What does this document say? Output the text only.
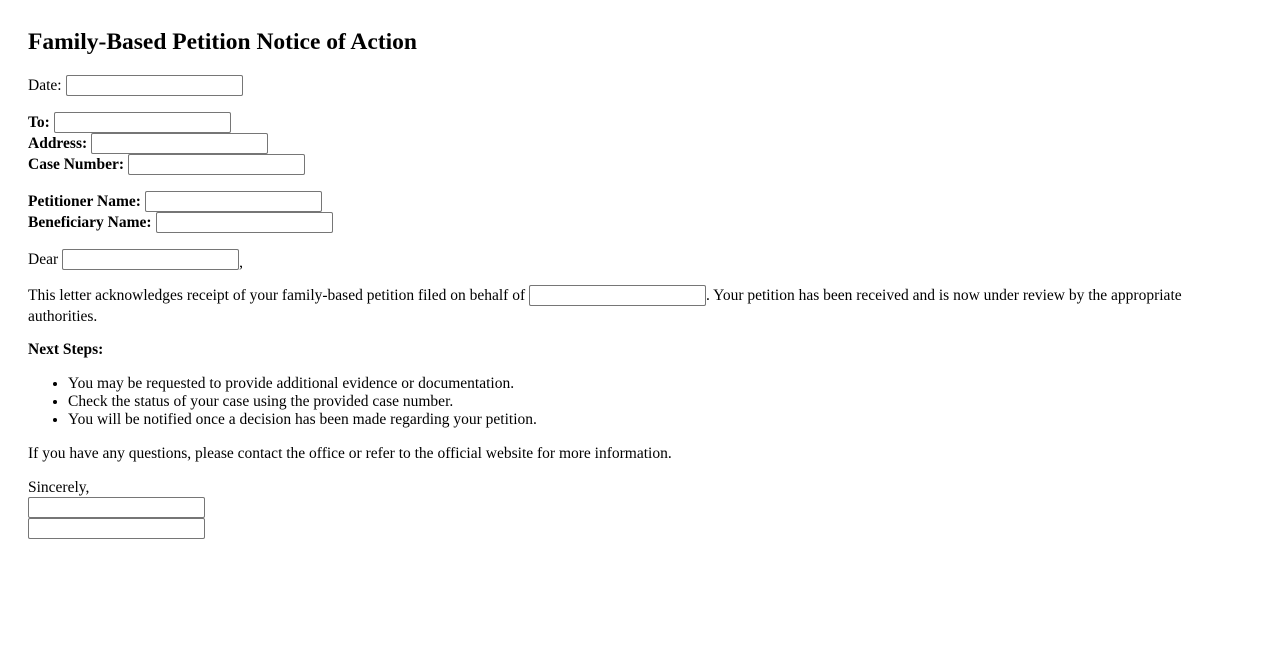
Family-Based Petition Notice of Action
Date:
To:
Address:
Case Number:
Petitioner Name:
Beneficiary Name:
Dear	,
This letter acknowledges receipt of your family-based petition filed on behalf of	. Your petition has been received and is now under review by the appropriate authorities.
Next Steps:
• You may be requested to provide additional evidence or documentation.
• Check the status of your case using the provided case number.
• You will be notified once a decision has been made regarding your petition.
If you have any questions, please contact the office or refer to the official website for more information.
Sincerely,
